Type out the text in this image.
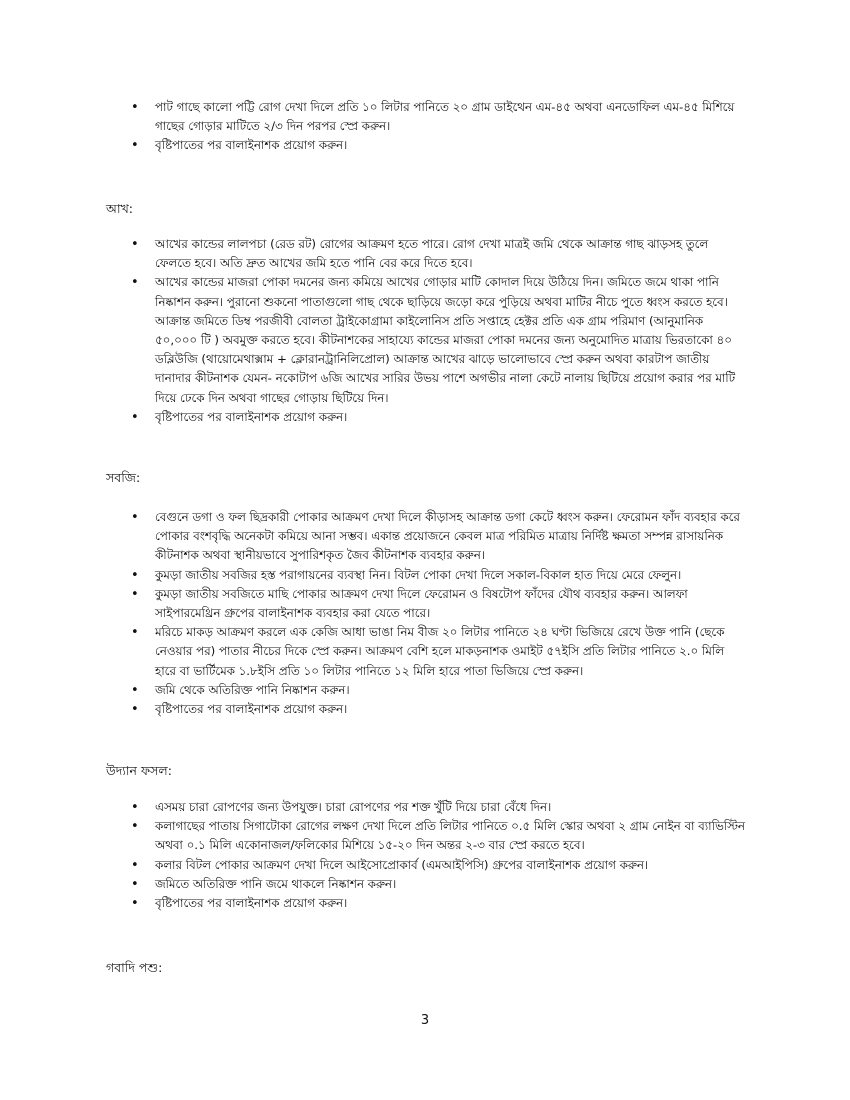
• পাট গাছে কালো পট্টি রোগ দেখা দিলে প্রতি ১০ লিটার পানিতে ২০ গ্রাম ডাইথেন এম-৪৫ অথবা এনডোফিল এম-৪৫ মিশিয়ে গাছের গোড়ার মাটিতে ২/৩ দিন পরপর স্প্রে করুন।
• বৃষ্টিপাতের পর বালাইনাশক প্রয়োগ করুন।

আখ:

• আখের কান্ডের লালপচা (রেড রট) রোগের আক্রমণ হতে পারে। রোগ দেখা মাত্রই জমি থেকে আক্রান্ত গাছ ঝাড়সহ তুলে ফেলতে হবে। অতি দ্রুত আখের জমি হতে পানি বের করে দিতে হবে।
• আখের কান্ডের মাজরা পোকা দমনের জন্য কমিয়ে আখের গোড়ার মাটি কোদাল দিয়ে উঠিয়ে দিন। জমিতে জমে থাকা পানি নিষ্কাশন করুন। পুরানো শুকনো পাতাগুলো গাছ থেকে ছাড়িয়ে জড়ো করে পুড়িয়ে অথবা মাটির নীচে পুতে ধ্বংস করতে হবে। আক্রান্ত জমিতে ডিম্ব পরজীবী বোলতা ট্রাইকোগ্রামা কাইলোনিস প্রতি সপ্তাহে হেক্টর প্রতি এক গ্রাম পরিমাণ (আনুমানিক ৫০,০০০ টি ) অবমুক্ত করতে হবে। কীটনাশকের সাহায্যে কান্ডের মাজরা পোকা দমনের জন্য অনুমোদিত মাত্রায় ভিরতাকো ৪০ ডব্লিউজি (থায়োমেথাক্সাম + ক্লোরানট্রানিলিপ্রোল) আক্রান্ত আখের ঝাড়ে ভালোভাবে স্প্রে করুন অথবা কারটাপ জাতীয় দানাদার কীটনাশক যেমন- নকোটাপ ৬জি আখের সারির উভয় পাশে অগভীর নালা কেটে নালায় ছিটিয়ে প্রয়োগ করার পর মাটি দিয়ে ঢেকে দিন অথবা গাছের গোড়ায় ছিটিয়ে দিন।
• বৃষ্টিপাতের পর বালাইনাশক প্রয়োগ করুন।

সবজি:

• বেগুনে ডগা ও ফল ছিদ্রকারী পোকার আক্রমণ দেখা দিলে কীড়াসহ আক্রান্ত ডগা কেটে ধ্বংস করুন। ফেরোমন ফাঁদ ব্যবহার করে পোকার বংশবৃদ্ধি অনেকটা কমিয়ে আনা সম্ভব। একান্ত প্রয়োজনে কেবল মাত্র পরিমিত মাত্রায় নির্দিষ্ট ক্ষমতা সম্পন্ন রাসায়নিক কীটনাশক অথবা স্থানীয়ভাবে সুপারিশকৃত জৈব কীটনাশক ব্যবহার করুন।
• কুমড়া জাতীয় সবজির হস্ত পরাগায়নের ব্যবস্থা নিন। বিটল পোকা দেখা দিলে সকাল-বিকাল হাত দিয়ে মেরে ফেলুন।
• কুমড়া জাতীয় সবজিতে মাছি পোকার আক্রমণ দেখা দিলে ফেরোমন ও বিষটোপ ফাঁদের যৌথ ব্যবহার করুন। আলফা সাইপারমেথ্রিন গ্রুপের বালাইনাশক ব্যবহার করা যেতে পারে।
• মরিচে মাকড় আক্রমণ করলে এক কেজি আধা ভাঙা নিম বীজ ২০ লিটার পানিতে ২৪ ঘণ্টা ভিজিয়ে রেখে উক্ত পানি (ছেকে নেওয়ার পর) পাতার নীচের দিকে স্প্রে করুন। আক্রমণ বেশি হলে মাকড়নাশক ওমাইট ৫৭ইসি প্রতি লিটার পানিতে ২.০ মিলি হারে বা ভার্টিমেক ১.৮ইসি প্রতি ১০ লিটার পানিতে ১২ মিলি হারে পাতা ভিজিয়ে স্প্রে করুন।
• জমি থেকে অতিরিক্ত পানি নিষ্কাশন করুন।
• বৃষ্টিপাতের পর বালাইনাশক প্রয়োগ করুন।

উদ্যান ফসল:

• এসময় চারা রোপণের জন্য উপযুক্ত। চারা রোপণের পর শক্ত খুঁটি দিয়ে চারা বেঁধে দিন।
• কলাগাছের পাতায় সিগাটোকা রোগের লক্ষণ দেখা দিলে প্রতি লিটার পানিতে ০.৫ মিলি স্কোর অথবা ২ গ্রাম নোইন বা ব্যাভিস্টিন অথবা ০.১ মিলি একোনাজল/ফলিকোর মিশিয়ে ১৫-২০ দিন অন্তর ২-৩ বার স্প্রে করতে হবে।
• কলার বিটল পোকার আক্রমণ দেখা দিলে আইসোপ্রোকার্ব (এমআইপিসি) গ্রুপের বালাইনাশক প্রয়োগ করুন।
• জমিতে অতিরিক্ত পানি জমে থাকলে নিষ্কাশন করুন।
• বৃষ্টিপাতের পর বালাইনাশক প্রয়োগ করুন।

গবাদি পশু:

3
